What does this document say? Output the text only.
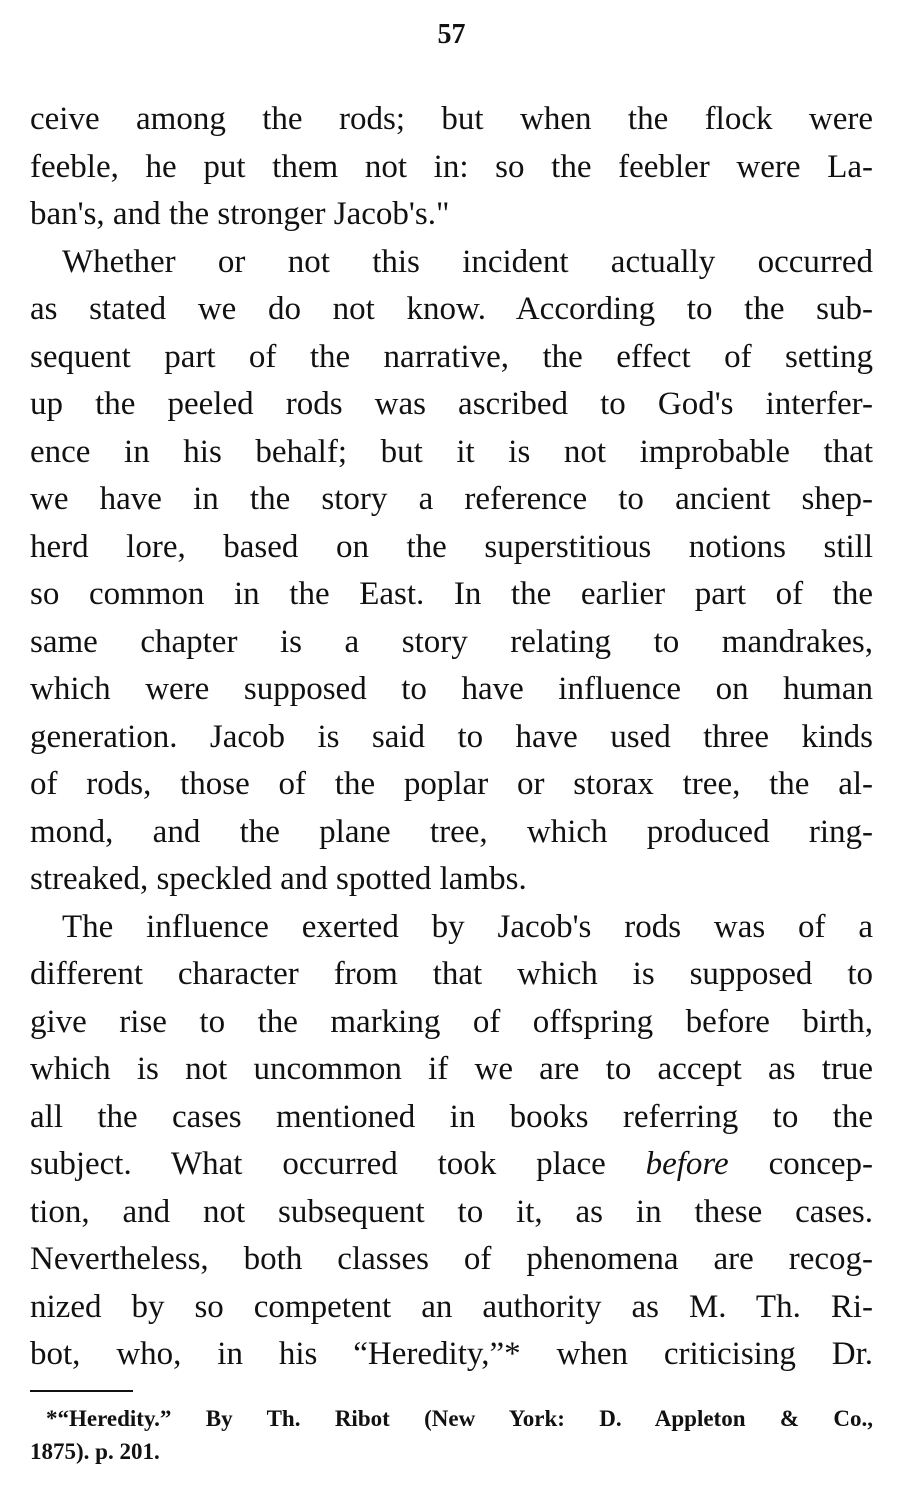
57
ceive among the rods; but when the flock were
feeble, he put them not in: so the feebler were La-
ban's, and the stronger Jacob's."
Whether or not this incident actually occurred
as stated we do not know. According to the sub-
sequent part of the narrative, the effect of setting
up the peeled rods was ascribed to God's interfer-
ence in his behalf; but it is not improbable that
we have in the story a reference to ancient shep-
herd lore, based on the superstitious notions still
so common in the East. In the earlier part of the
same chapter is a story relating to mandrakes,
which were supposed to have influence on human
generation. Jacob is said to have used three kinds
of rods, those of the poplar or storax tree, the al-
mond, and the plane tree, which produced ring-
streaked, speckled and spotted lambs.
The influence exerted by Jacob's rods was of a
different character from that which is supposed to
give rise to the marking of offspring before birth,
which is not uncommon if we are to accept as true
all the cases mentioned in books referring to the
subject. What occurred took place before concep-
tion, and not subsequent to it, as in these cases.
Nevertheless, both classes of phenomena are recog-
nized by so competent an authority as M. Th. Ri-
bot, who, in his “Heredity,”* when criticising Dr.
*“Heredity.” By Th. Ribot (New York: D. Appleton & Co.,
1875). p. 201.
